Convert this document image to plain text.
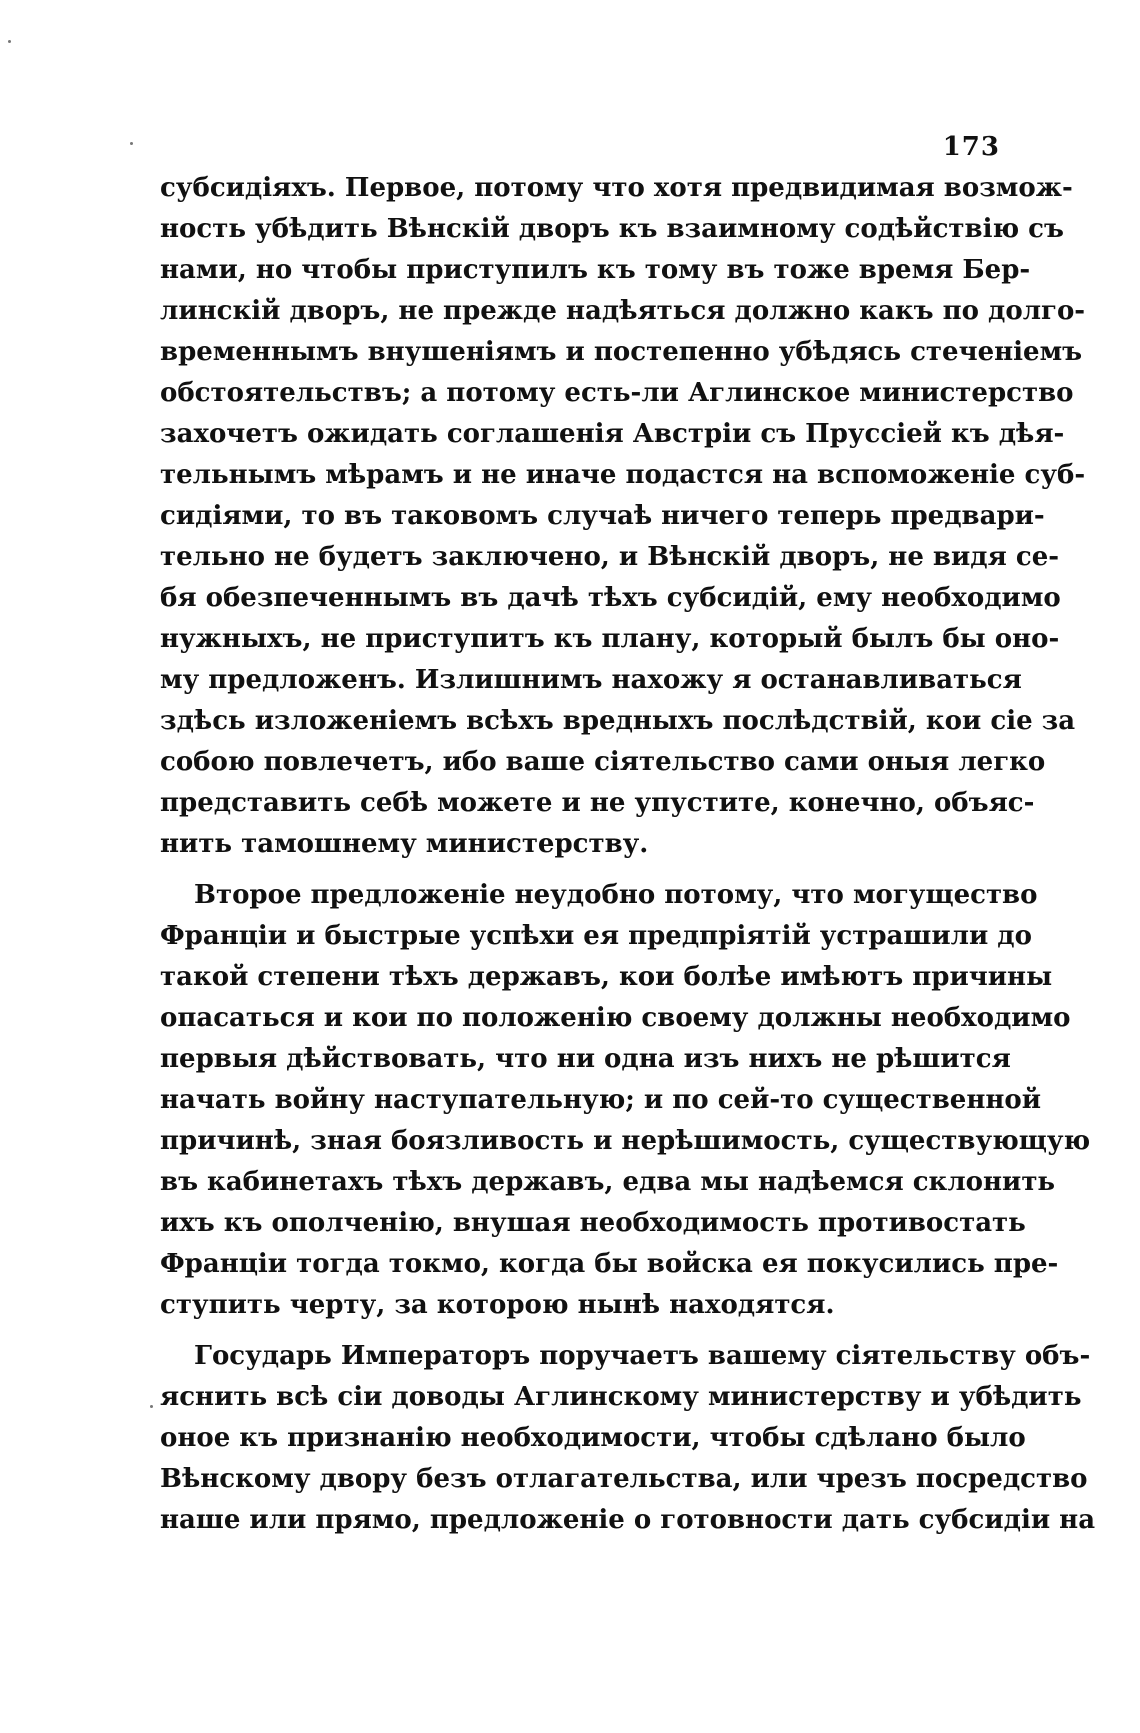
173
субсидіяхъ. Первое, потому что хотя предвидимая возмож-
ность убѣдить Вѣнскій дворъ къ взаимному содѣйствію съ
нами, но чтобы приступилъ къ тому въ тоже время Бер-
линскій дворъ, не прежде надѣяться должно какъ по долго-
временнымъ внушеніямъ и постепенно убѣдясь стеченіемъ
обстоятельствъ; а потому есть-ли Аглинское министерство
захочетъ ожидать соглашенія Австріи съ Пруссіей къ дѣя-
тельнымъ мѣрамъ и не иначе подастся на вспоможеніе суб-
сидіями, то въ таковомъ случаѣ ничего теперь предвари-
тельно не будетъ заключено, и Вѣнскій дворъ, не видя се-
бя обезпеченнымъ въ дачѣ тѣхъ субсидій, ему необходимо
нужныхъ, не приступитъ къ плану, который былъ бы оно-
му предложенъ. Излишнимъ нахожу я останавливаться
здѣсь изложеніемъ всѣхъ вредныхъ послѣдствій, кои сіе за
собою повлечетъ, ибо ваше сіятельство сами оныя легко
представить себѣ можете и не упустите, конечно, объяс-
нить тамошнему министерству.
Второе предложеніе неудобно потому, что могущество
Франціи и быстрые успѣхи ея предпріятій устрашили до
такой степени тѣхъ державъ, кои болѣе имѣютъ причины
опасаться и кои по положенію своему должны необходимо
первыя дѣйствовать, что ни одна изъ нихъ не рѣшится
начать войну наступательную; и по сей-то существенной
причинѣ, зная боязливость и нерѣшимость, существующую
въ кабинетахъ тѣхъ державъ, едва мы надѣемся склонить
ихъ къ ополченію, внушая необходимость противостать
Франціи тогда токмо, когда бы войска ея покусились пре-
ступить черту, за которою нынѣ находятся.
Государь Императоръ поручаетъ вашему сіятельству объ-
яснить всѣ сіи доводы Аглинскому министерству и убѣдить
оное къ признанію необходимости, чтобы сдѣлано было
Вѣнскому двору безъ отлагательства, или чрезъ посредство
наше или прямо, предложеніе о готовности дать субсидіи на
